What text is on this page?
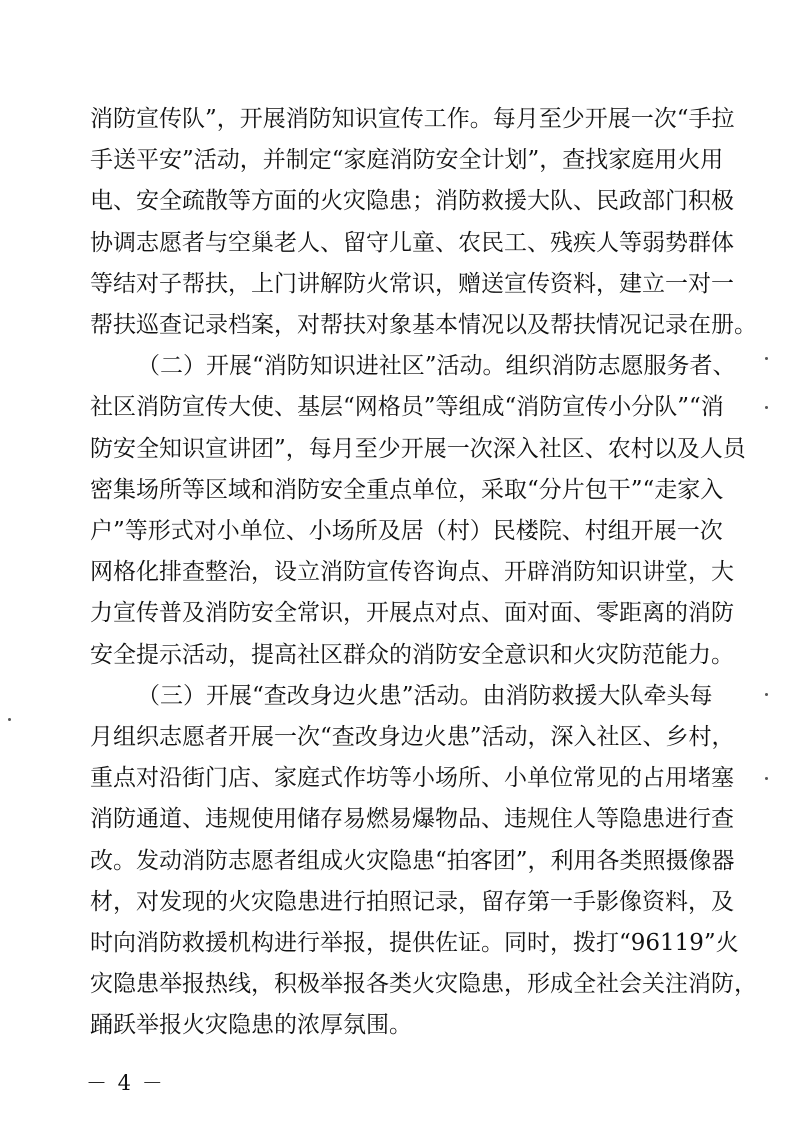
消防宣传队”，开展消防知识宣传工作。每月至少开展一次“手拉
手送平安”活动，并制定“家庭消防安全计划”，查找家庭用火用
电、安全疏散等方面的火灾隐患；消防救援大队、民政部门积极
协调志愿者与空巢老人、留守儿童、农民工、残疾人等弱势群体
等结对子帮扶，上门讲解防火常识，赠送宣传资料，建立一对一
帮扶巡查记录档案，对帮扶对象基本情况以及帮扶情况记录在册。
（二）开展“消防知识进社区”活动。组织消防志愿服务者、
社区消防宣传大使、基层“网格员”等组成“消防宣传小分队”“消
防安全知识宣讲团”，每月至少开展一次深入社区、农村以及人员
密集场所等区域和消防安全重点单位，采取“分片包干”“走家入
户”等形式对小单位、小场所及居（村）民楼院、村组开展一次
网格化排查整治，设立消防宣传咨询点、开辟消防知识讲堂，大
力宣传普及消防安全常识，开展点对点、面对面、零距离的消防
安全提示活动，提高社区群众的消防安全意识和火灾防范能力。
（三）开展“查改身边火患”活动。由消防救援大队牵头每
月组织志愿者开展一次“查改身边火患”活动，深入社区、乡村，
重点对沿街门店、家庭式作坊等小场所、小单位常见的占用堵塞
消防通道、违规使用储存易燃易爆物品、违规住人等隐患进行查
改。发动消防志愿者组成火灾隐患“拍客团”，利用各类照摄像器
材，对发现的火灾隐患进行拍照记录，留存第一手影像资料，及
时向消防救援机构进行举报，提供佐证。同时，拨打“96119”火
灾隐患举报热线，积极举报各类火灾隐患，形成全社会关注消防，
踊跃举报火灾隐患的浓厚氛围。
－ 4 －
